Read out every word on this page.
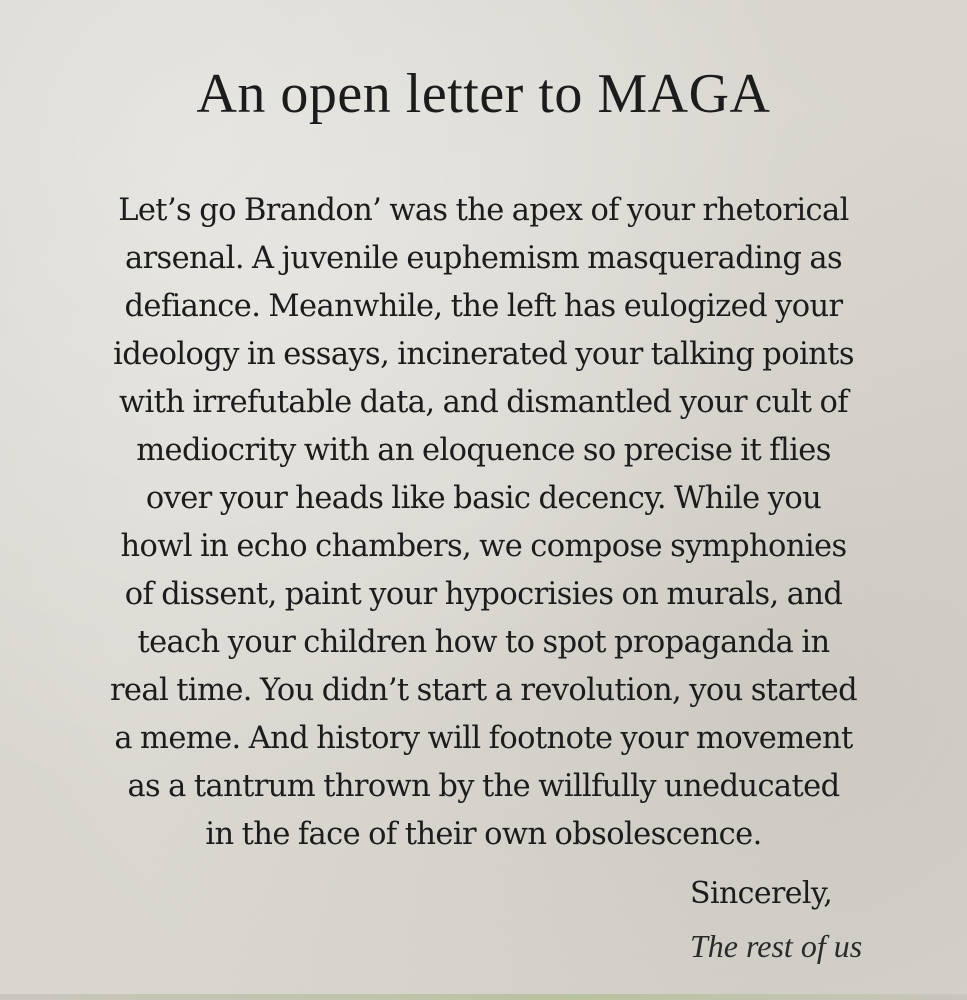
An open letter to MAGA
Let’s go Brandon’ was the apex of your rhetorical
arsenal. A juvenile euphemism masquerading as
defiance. Meanwhile, the left has eulogized your
ideology in essays, incinerated your talking points
with irrefutable data, and dismantled your cult of
mediocrity with an eloquence so precise it flies
over your heads like basic decency. While you
howl in echo chambers, we compose symphonies
of dissent, paint your hypocrisies on murals, and
teach your children how to spot propaganda in
real time. You didn’t start a revolution, you started
a meme. And history will footnote your movement
as a tantrum thrown by the willfully uneducated
in the face of their own obsolescence.
Sincerely,
The rest of us
